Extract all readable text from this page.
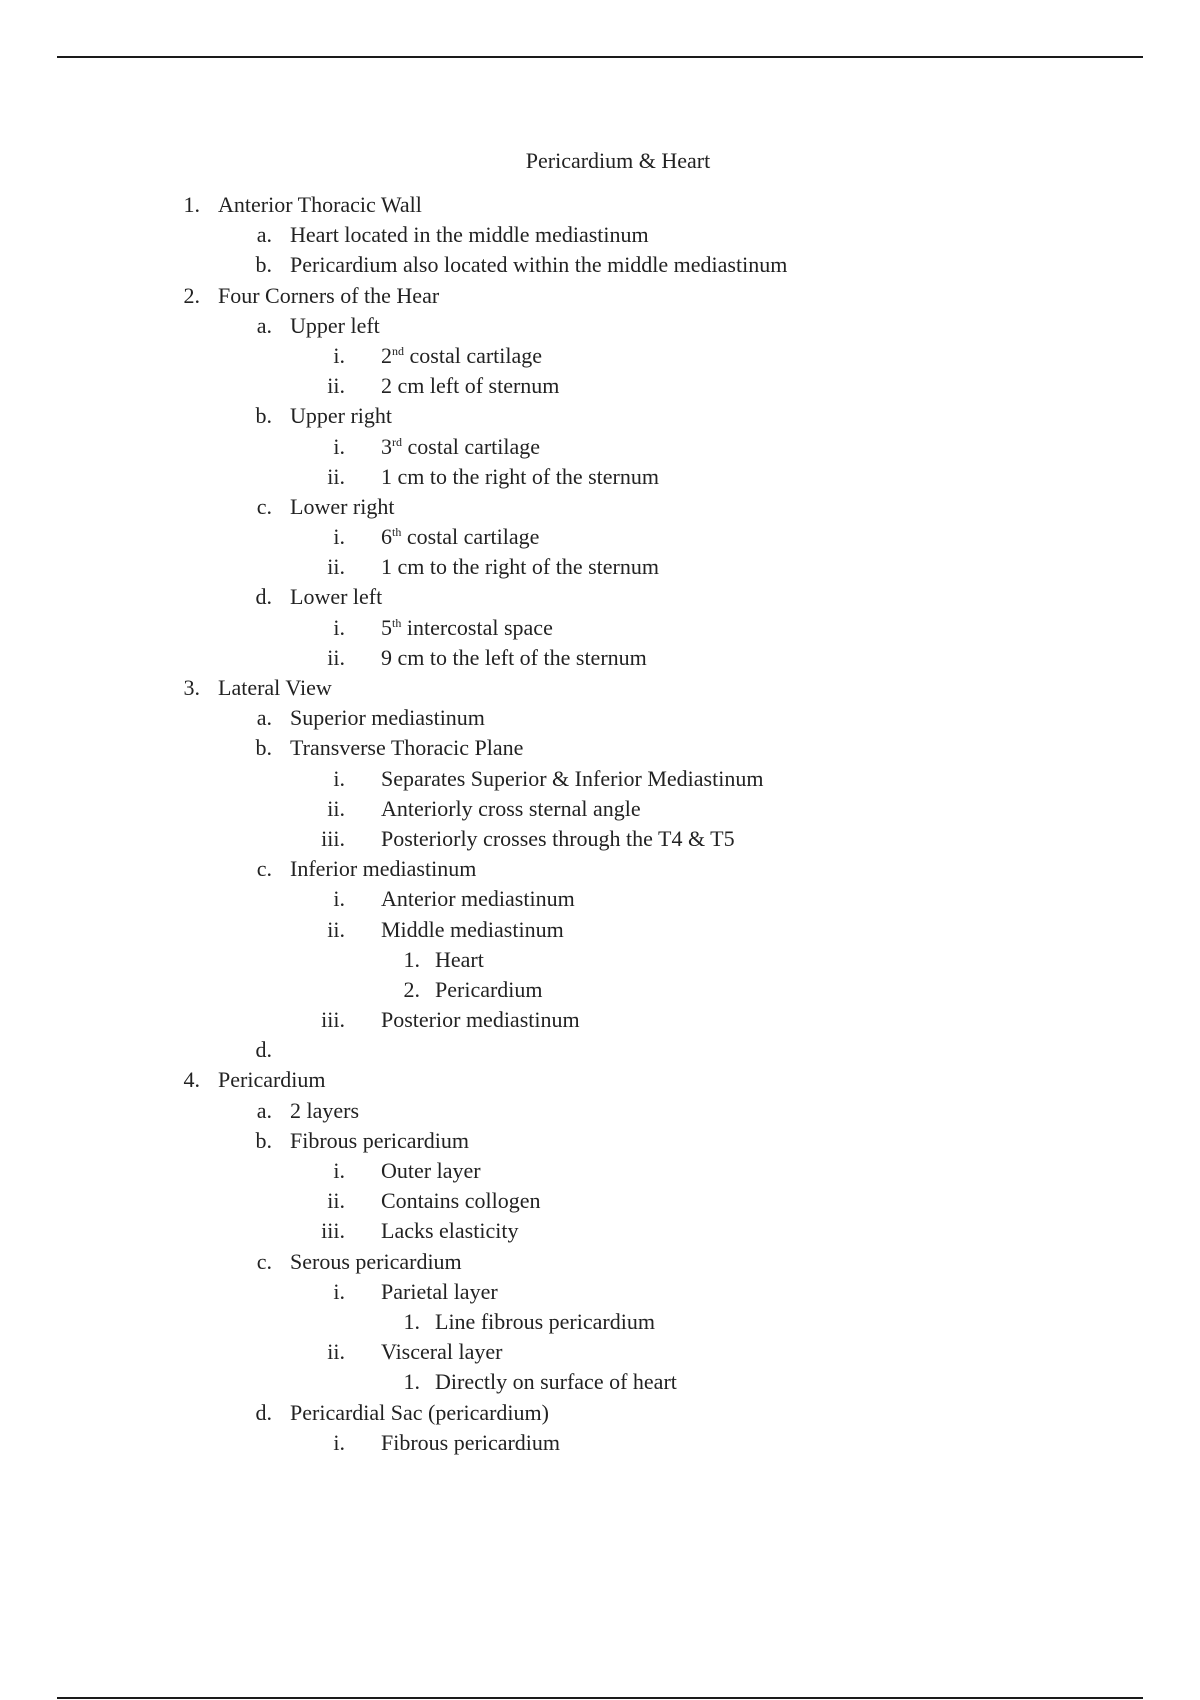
Pericardium & Heart
1. Anterior Thoracic Wall
a. Heart located in the middle mediastinum
b. Pericardium also located within the middle mediastinum
2. Four Corners of the Hear
a. Upper left
i. 2nd costal cartilage
ii. 2 cm left of sternum
b. Upper right
i. 3rd costal cartilage
ii. 1 cm to the right of the sternum
c. Lower right
i. 6th costal cartilage
ii. 1 cm to the right of the sternum
d. Lower left
i. 5th intercostal space
ii. 9 cm to the left of the sternum
3. Lateral View
a. Superior mediastinum
b. Transverse Thoracic Plane
i. Separates Superior & Inferior Mediastinum
ii. Anteriorly cross sternal angle
iii. Posteriorly crosses through the T4 & T5
c. Inferior mediastinum
i. Anterior mediastinum
ii. Middle mediastinum
1. Heart
2. Pericardium
iii. Posterior mediastinum
d.
4. Pericardium
a. 2 layers
b. Fibrous pericardium
i. Outer layer
ii. Contains collogen
iii. Lacks elasticity
c. Serous pericardium
i. Parietal layer
1. Line fibrous pericardium
ii. Visceral layer
1. Directly on surface of heart
d. Pericardial Sac (pericardium)
i. Fibrous pericardium
